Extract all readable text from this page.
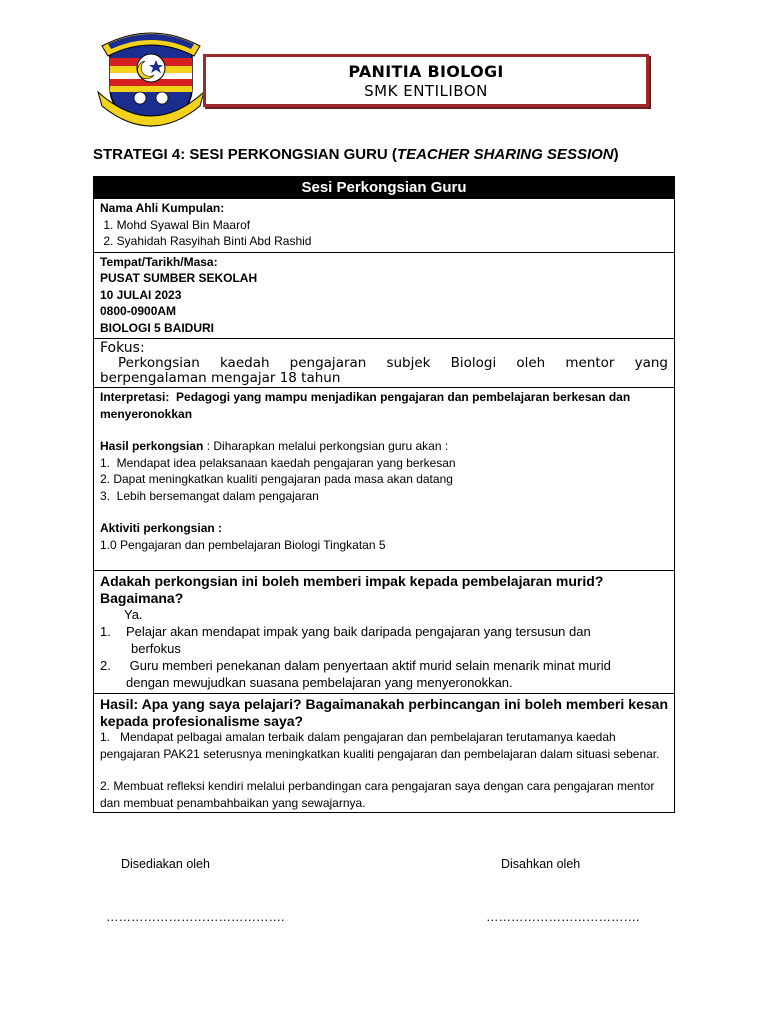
PANITIA BIOLOGI
SMK ENTILIBON
STRATEGI 4: SESI PERKONGSIAN GURU (TEACHER SHARING SESSION)
Sesi Perkongsian Guru
Nama Ahli Kumpulan:
1. Mohd Syawal Bin Maarof
2. Syahidah Rasyihah Binti Abd Rashid
Tempat/Tarikh/Masa:
PUSAT SUMBER SEKOLAH
10 JULAI 2023
0800-0900AM
BIOLOGI 5 BAIDURI
Fokus:
Perkongsian kaedah pengajaran subjek Biologi oleh mentor yang berpengalaman mengajar 18 tahun
Interpretasi: Pedagogi yang mampu menjadikan pengajaran dan pembelajaran berkesan dan menyeronokkan
Hasil perkongsian : Diharapkan melalui perkongsian guru akan :
1.  Mendapat idea pelaksanaan kaedah pengajaran yang berkesan
2. Dapat meningkatkan kualiti pengajaran pada masa akan datang
3.  Lebih bersemangat dalam pengajaran
Aktiviti perkongsian :
1.0 Pengajaran dan pembelajaran Biologi Tingkatan 5
Adakah perkongsian ini boleh memberi impak kepada pembelajaran murid? Bagaimana?
Ya.
1.	Pelajar akan mendapat impak yang baik daripada pengajaran yang tersusun dan
berfokus
2.	Guru memberi penekanan dalam penyertaan aktif murid selain menarik minat murid
dengan mewujudkan suasana pembelajaran yang menyeronokkan.
Hasil: Apa yang saya pelajari? Bagaimanakah perbincangan ini boleh memberi kesan kepada profesionalisme saya?
1.   Mendapat pelbagai amalan terbaik dalam pengajaran dan pembelajaran terutamanya kaedah pengajaran PAK21 seterusnya meningkatkan kualiti pengajaran dan pembelajaran dalam situasi sebenar.
2. Membuat refleksi kendiri melalui perbandingan cara pengajaran saya dengan cara pengajaran mentor dan membuat penambahbaikan yang sewajarnya.
Disediakan oleh	Disahkan oleh
…………………………………….	……………………………….
